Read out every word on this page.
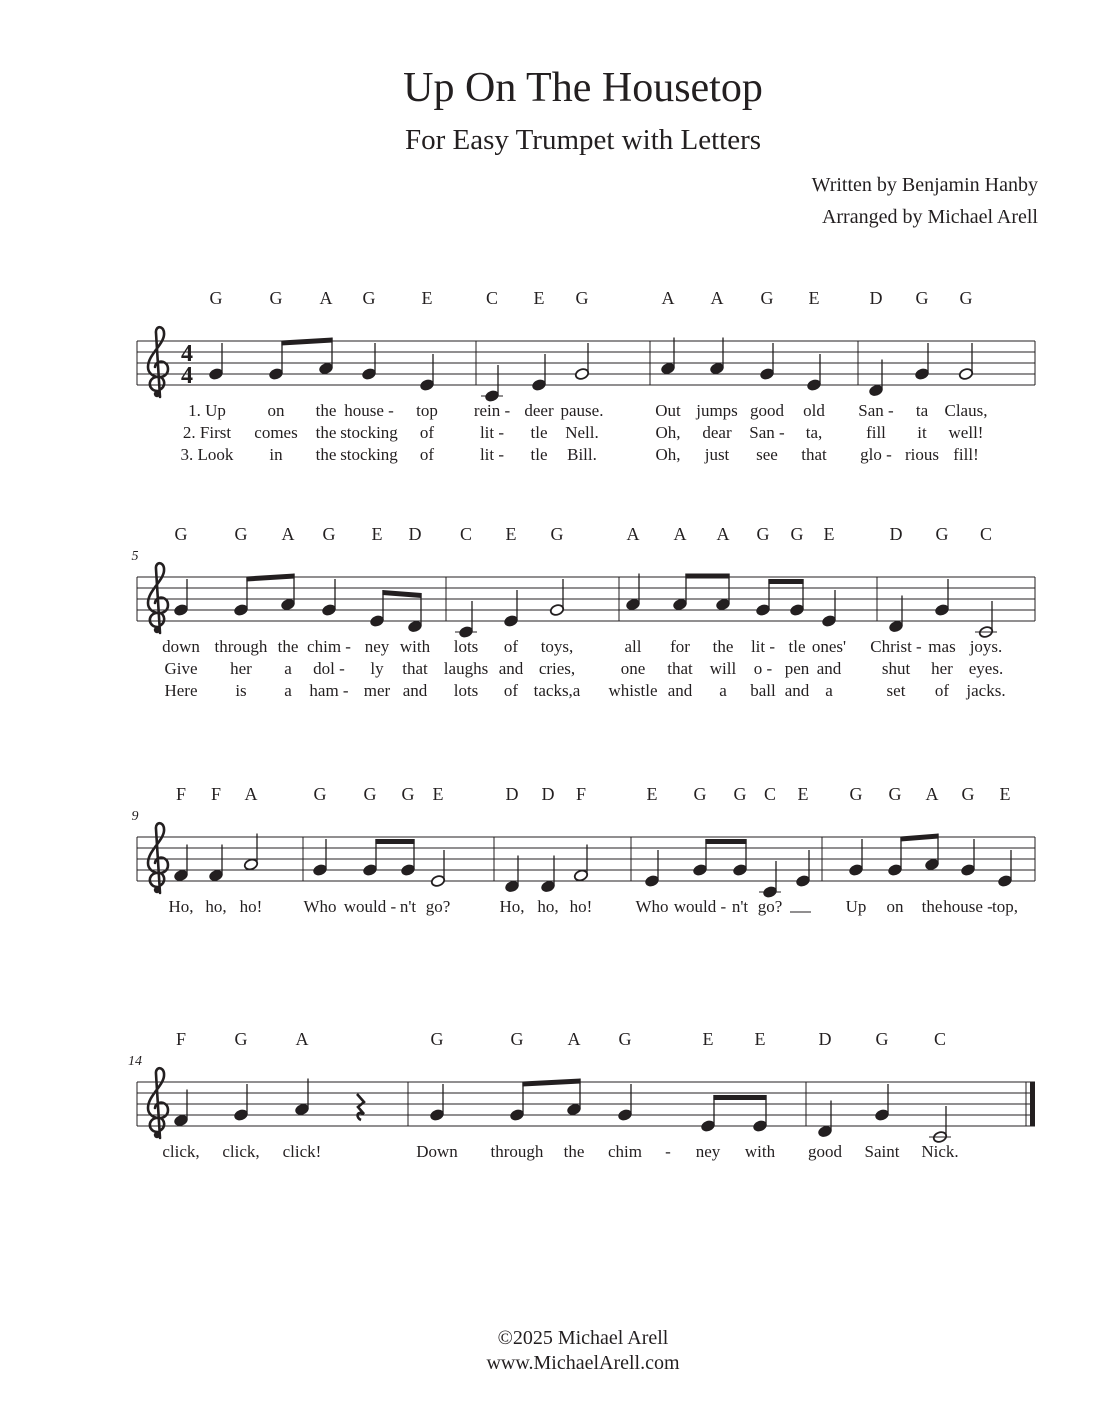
Up On The Housetop
For Easy Trumpet with Letters
Written by Benjamin Hanby
Arranged by Michael Arell
4
4
G
1. Up
2. First
3. Look
G
on
comes
in
A
the
the
the
G
house -
stocking
stocking
E
top
of
of
C
rein -
lit -
lit -
E
deer
tle
tle
G
pause.
Nell.
Bill.
A
Out
Oh,
Oh,
A
jumps
dear
just
G
good
San -
see
E
old
ta,
that
D
San -
fill
glo -
G
ta
it
rious
G
Claus,
well!
fill!
5
G
down
Give
Here
G
through
her
is
A
the
a
a
G
chim -
dol -
ham -
E
ney
ly
mer
D
with
that
and
C
lots
laughs
lots
E
of
and
of
G
toys,
cries,
tacks,a
A
all
one
whistle
A
for
that
and
A
the
will
a
G
lit -
o -
ball
G
tle
pen
and
E
ones'
and
a
D
Christ -
shut
set
G
mas
her
of
C
joys.
eyes.
jacks.
9
F
Ho,
F
ho,
A
ho!
G
Who
G
would -
G
n't
E
go?
D
Ho,
D
ho,
F
ho!
E
Who
G
would -
G
n't
C
go?
E G
Up
G
on
A
the
G
house -
E
top,
14
F
click,
G
click,
A
click!
G
Down
G
through
A
the
G
chim -
E
ney
E
with
D
good
G
Saint
C
Nick.
©2025 Michael Arell
www.MichaelArell.com
